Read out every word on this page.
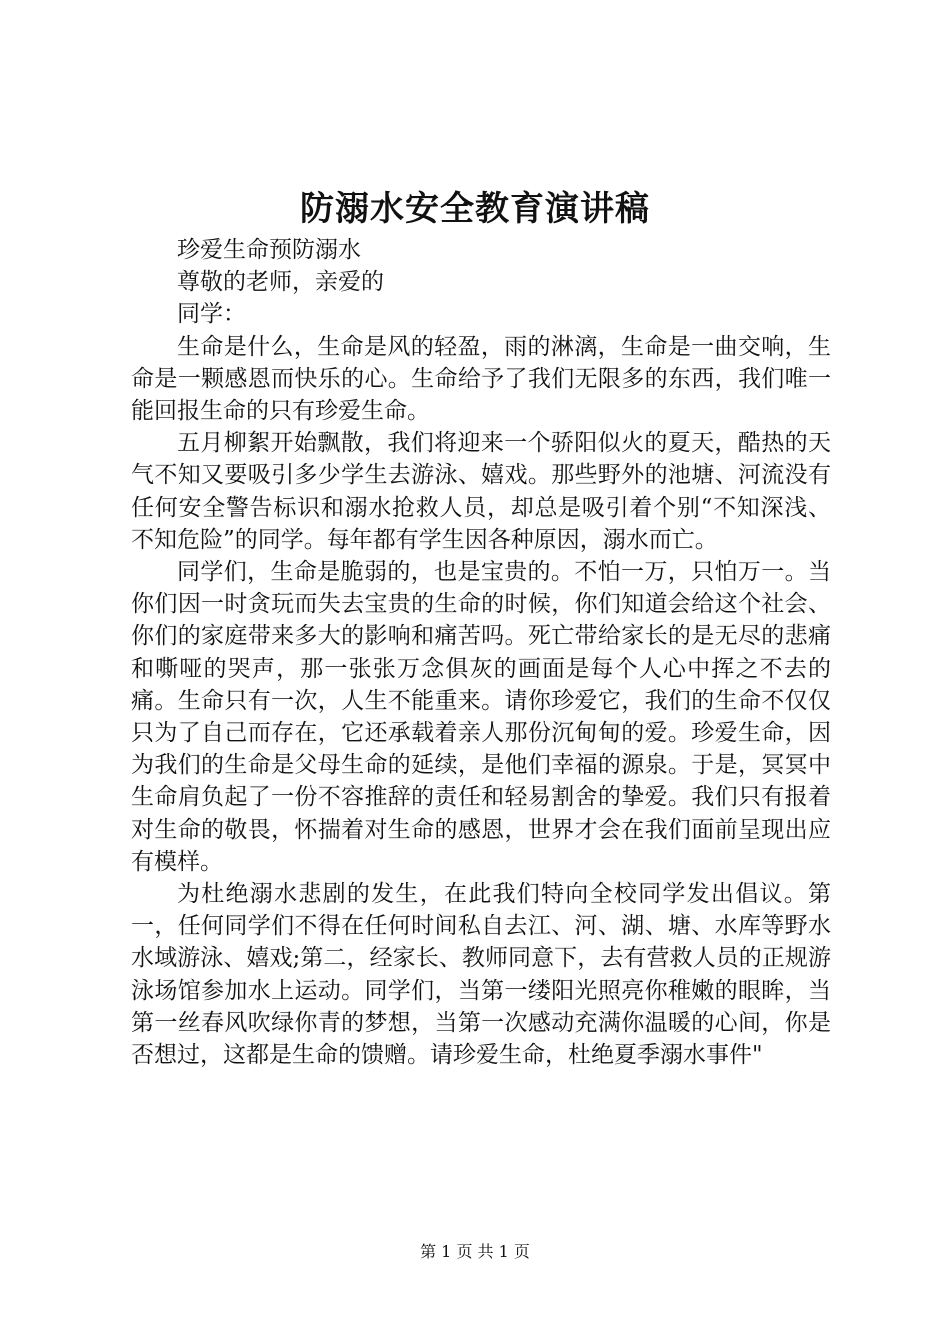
防溺水安全教育演讲稿

珍爱生命预防溺水

尊敬的老师，亲爱的

同学：

生命是什么，生命是风的轻盈，雨的淋漓，生命是一曲交响，生命是一颗感恩而快乐的心。生命给予了我们无限多的东西，我们唯一能回报生命的只有珍爱生命。

五月柳絮开始飘散，我们将迎来一个骄阳似火的夏天，酷热的天气不知又要吸引多少学生去游泳、嬉戏。那些野外的池塘、河流没有任何安全警告标识和溺水抢救人员，却总是吸引着个别“不知深浅、不知危险”的同学。每年都有学生因各种原因，溺水而亡。

同学们，生命是脆弱的，也是宝贵的。不怕一万，只怕万一。当你们因一时贪玩而失去宝贵的生命的时候，你们知道会给这个社会、你们的家庭带来多大的影响和痛苦吗。死亡带给家长的是无尽的悲痛和嘶哑的哭声，那一张张万念俱灰的画面是每个人心中挥之不去的痛。生命只有一次，人生不能重来。请你珍爱它，我们的生命不仅仅只为了自己而存在，它还承载着亲人那份沉甸甸的爱。珍爱生命，因为我们的生命是父母生命的延续，是他们幸福的源泉。于是，冥冥中生命肩负起了一份不容推辞的责任和轻易割舍的挚爱。我们只有报着对生命的敬畏，怀揣着对生命的感恩，世界才会在我们面前呈现出应有模样。

为杜绝溺水悲剧的发生，在此我们特向全校同学发出倡议。第一，任何同学们不得在任何时间私自去江、河、湖、塘、水库等野水水域游泳、嬉戏;第二，经家长、教师同意下，去有营救人员的正规游泳场馆参加水上运动。同学们，当第一缕阳光照亮你稚嫩的眼眸，当第一丝春风吹绿你青的梦想，当第一次感动充满你温暖的心间，你是否想过，这都是生命的馈赠。请珍爱生命，杜绝夏季溺水事件"

第 1 页 共 1 页
